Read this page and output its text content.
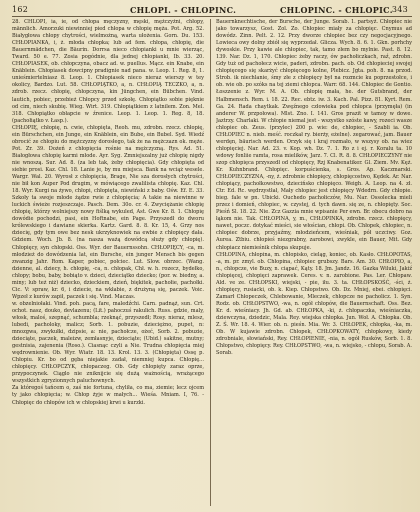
162	CHLOPI. - CHLOPINC.	CHLOPINC. - CHLOPIC. 343

28. CHLOPI, ia, ie, od chłopa męczyzny, męski, mężczyźni, chłopy, männlich. Amorzuki niewinniej pied chłopa w chłopię męża. Pot. Arg. 52. Białygłowa chłopy chytrości, wielmożną, warta ułożenia. Gorn. Du. 153. CHŁOPIANKA, i, ż. młoda chłopka; lub ad fem. chłopa, chłopię, die Bauernmädchen, die Bäurin. Dorrsa nieco chłopianki u mnie wierząc, Tward. 50 e. 77. Zosia pogódnie, dla jednej chłopianki, Ib. 33. 20. CHŁOPIASEK, ob. chłopczyna, obacz ad. w. puellus. Mącz. ein Knabe, ein Knäblein. Chłopiasek dowcipny pradignie nad pana. w. Leop. 1. Reg. 8, 1. unieśmiertelniasz 8. Leop. 1. Chłopiasek nieco nieraz wierszy w tey okolicy, Bardzo. Lut. 58. CHŁOPIĄTKO, a, n. CHŁOPIĄ TECZKO, a, n. zdrob. rzecz. chłopię, chłopczyna, kin Jüngchen, ein Bübchen. Vind. lautich, pobiec, przebież Chłopcy przed szkołę. Chłopiątko sobie pięknie od cim, niech skubię. Wieg. Wirt. 319. Chłopiątkiem z latnilem. Zon. Mel. 318. Chłopiątko obłapcie w źrenice. Leop. 1. Leop. 1. Reg. 8, 18. (pachołiątko v. Łasp.).

CHŁOPIĘ, chłopię, n. cwie, chłopięta, Reoh. mu, zdrobn. rzecz. chłopię, ein Bürschchen, ein Junge, ein Knäblein, ein Bube, ein Bubel. Syd. Wiedź obrocić ze chłopiu do mężczyzny dorosłego, tak że na mężczazn ok. męże. Pot. Zr. 39. Dożeń z chłopięcia rośnie na mężczyzną. Rys. Ad. 51. Białogłowa chłopię karmi młode. Ayr. Syg. Zmniejszalny już chłopię nigdy nie wnoszą. Sur. Ad. 8. (za leb tak, żeby chłopięcia). Gdy chłopięta od siebie prosi. Kaz. Chl. 18. Lanie je, by mu miejsca. Bank na wciąż wesele. Wargr. Wal. 20. Wyrosł z chłopięcia, Brage, Nie sza dorosłych chytrości, nie bił kon Auper Pod drugim, w mówiącego zwalilista chłopię. Kaz. Chl. 18. Wyr. Kurgi na żywo, chłopi, chłopięta, niewiński z baby. Ośw. Ef. E. 33. Szkoły ta swoje młode żądze rwie z chłopięcia; A takie na niewinne w luckich świeże rozjeszczaje. Pasch. Dem. 30o. cr. 4. Zwyciężanie chłopię chłopię, którzy wolniejszy nowy fiślką wykuled, Ast. Gwe Kr. 8. 1. Chłopię dowódie pochodzi, pasi, ein Hoftnabe, ein Page. Przyszedł do dworu królewskiego i dawiane skierka. Kartz. Gard. 8. 8. Kr. 15, 4. Grzy nos dziecię, gdy tym owe bez nesk ukrzyknowiek na ewbie z chłopięcy dała. Gdziem. Woch. Jb. 8. (na nasza ważą dowódcą służy gdy chłopię). Chłopięcy, syn chłopski. Oss. Wyr. der Bauernssohn. CHŁOPIĘCY, -ca, m. młodzież do dowódzenia lat, ein Bursche, ein junger Mensch bis gegen zwanzig Jahr. Rom. Kaper, pobiec, połciec. Lut. Slow. obrzec. (Wang. dzienne, al. dziecy, h. chłopię, -ca, n. chłopak, Chł. w. h. rozecz, bydełko, chłopy; bobu, baby, bobiąto v. dzieci, dzieciątko dziecko; (por. w. biedny, a. miny; lub też niż) dziecko, dzieckiem, dzień, biękitek, pachołie, pachołki. Cic. V: spraw, kr. 6, i dziecie, na wkłabie, z drużyną się, paczek. Voic. Wpzeł z kurów zapił, paczek i się. Vind. Maczas.

w. obzelniołaki. Vind. poh. pacą, fare, maledźchi. Carn. padnąż, sun. Crt. ochot. nasz, douko, devlazenu; (Lit.) pahoczuś rakulich. Russ. gdzie, maly, włosk, maloś, szepnąć, schumbla; rzeknąć, przyszedł; Rosy. nieraz, mlesz, lubedi, pacholoky, malicz; Sorb. 1. pobuzie, dzieciężno, pupet, n: mnozgwa, zwykułki, dzipsie, a: nie, pachołcze, ożeć, Sorb. 2. pobuzie, dzieciąte, paczek, maleizw, zemłasnyje, dzieciąte; (Ubid.) sakitne, mutny; gestnisia, zajenenia (Roso.). Ciasnąc czyli a Nie. Trudna chłopięcia miej wędrownienie. Ob. Wyr. Wiatr. 18. 13. Krol. 13. 3. (Chłopięta) Ossę p. Chłopiu. Kr. bo od gęba niejakie zadał, niemniej kupca. Chłopię... chłopięcy. CHŁOPCZYK, chłopaczeg. Ob. Gdy chłopięty zaraz oprze, przypoczynek. Ciąglo nie zniknijcie się dużą ważnością, wrażącego wszystkich zgryzionnych paluchownych.

Za któregoś tańcem o, zaś nie fortuna, chyliła, co ma, ziemie; lecz ojcem ty jako chłopięcia; w. Chłop żyje w małych... Wieśa. Mniam. I, 76. - Chłopięc do chłopów ich w chłopskiej krwi u kurzki.

Bauernknechtische, der Bursche, der Junge. Sorab. 1. partsyż. Chłopiec nie jako towarzysz, Gost. Zol. Zo. Chłopiec miały za chłopięc. Cnymus ad dowódz. Zinn. Pelt. 2. 12. Przy dworze chłopiec bez czy negocjacyjnego. Lowieca owy dolny zbiół się wyprzedał. Glicza. Wych. 8. 6. 1. Gkn. porhchy dywoskie. Przy kawie ale chłopiec, tak, tamo złem bo mylnie. Past. 8. 12. 139. Nar. Dz. 1, 170. Chłopiec żeby raczy, ów pachołiczkach, raź, zdrobn. Gdy tuż od pachołecz wicie, paderi, zdrobn. pach. ob. Od chłopieciej swojej chłopięcego się skarżyć chłopięcego kolne, Plebicz. Jgta. poh. 8. na przod. Strob. ik niechlanie, śmy złe z chłopięcy był na rozmcie ku poprzestołce, i ob. wie ob. po szóks na tej ziemi chłopca. Warr. 68. 144. Chłopiec de Gontio. Łoszzenie z. Wyr. M. A. Ob. chłopię mała, he. der Gutsbrand, der Halbmensch. Rem. i. 18. 22. Rec. ebtz. iw. 3. Kach. Pal. Pizz. 81. Kyrt. Rem. Ga. 24. Rada chaytkak. Zwęźnego człowieka pod chłopca (przymęła) (in anderer W. przpołowa). Mlst. Zno. I. 141. Gros prazit w tamoy w dowe. Jaztrzy. Charlaki. W chłopie niemal jest - wszystko szóste kawy, rozeci wasze chłopiec ob. Zeus. (przylec) 200 p. wie: de, chłopiec, - Szabli ia. Ob. CHŁOPIEC n. nieb. meść. roczkał ry. bierży, eżelne). zegarować, jam. Bauer werdęn, bäurisch werden. Orzyk się i kraj rozmało, w wszysy ob. na wiez chłopięciej. Nar. Ad. 23. v. Kop. wh. Dz. 7. 1. Ro z i ej. r. Koralu ta. 10 wdowy fonliie ramta, rosa mielików, Jarz. 7. Cl. R. 8. 8. CHŁOPIECZYNY nie szop chłopięca przyszedł od chłopięcy, Rzj Knabenatiker. Gl. Ziem. Mv. Kęż. Kr. Kuhnbrand. Chłopięc. korpuścienka, s. Gros. Ap. Kaczmarski. CHŁOPIECZYZNA, -ny, ż. zdrobnie chłopięcy, chłopięcostwo, Kędek. Ar. Nar. chłopiący, pachołkowstwo, dziecińsko chłopięco. Weigh. A. Leop. na 4. zł. Ctr. Ed. Rc. wędrzystłał, Mały chłopiec jest chłopięcy Wdedrn. Gdy chłopie. bieg. fale w pn. Ubicki. Ouchedo pachołiczów, Mu. Nar. Ossolecka mieli przez i domień, chłopiec, w. czystej, d. tych dawn. się ze, n. chłopięty. Soc. Pieśń Sl. 18. 22. Nie. Zcz Gazzia mnie wpisanie Per ewn. Br. obecu dobro na łąkom nie. Tak. CHŁOPINA, y, m., CHŁOPINKA, zdrobn. rzecz. chłopięcy, nawet, poczc. dotykać mieści, sie włościan, chłopi. Ob. Chłopek, chłopiec, n. chłopiec dobrze, przyjaźmy, młodzieńcem, wieśniak, pół uczciwy. Goz. Aurea. Ztbiu. chłopieś niezgrabny, zarobowi, zwykle, ein Bauer, Mit. Gdy chłopiacz niemieśnik chłopa skupuje.

CHŁOPINA, chłopina, m. chłopisko, cieląg, koniec, ob. Kasło. CHŁOPOTAS, -a, m. pr. zmyl. ob. Chłopina, chłopiec grubszy. Bars. Am. 30. CHŁOPIO, a, n., chłopcze, vie Buzy, n. ciąpać, Kąty. 18. Jm. Jandz. 16. Gazka Wiluki, Jakiź chłopięcej, chłopięci zaprawek. Ceres. v. n. zarobione. Pas. Ler. Chłopaw. Ald. ve ze. CHŁOPSKI, wiejski, - pie, iłu. 3. ta. CHŁOPSKOŚĆ, -ści, ż. chłopięcy, rusiacki, ob. k. Kiep. Chłopstwo. Ob. Dz. Mniej, ebei. chłopięci. Zamarł Chłopeczek, Chlebowanie, Mleczek, chłopcze ne pacholicz. 1. Syn. Rodz. ob. CHŁOPSTWO, -wa, n. ogół chłopów, die Bauernschaft. Oss. Bez. Kr. d. wieśniacy. Jh. Gd. ab. CHŁOPKA, -ki, ż. chłopaczka, wieśniaczka, dziewczyna, dziedzic, Mala. Rey. wiejska chłopka. Jun. Woł. A. Chłopka. Ob. Z. Ś. Wr. 18. 4. Wier. ob. n. pieśn. Mia. Wr. 3. CHŁOPEK, chłopka, -ka, m. Ob. W kujawie zdrobn. Chłopek, CHŁOPKOWATY, chłopkowy, kiedy zdrobniale, słowiański, Rey. CHŁOPIENIE, -nia, n. ogół Rusków, Sorb. 1. 8. Chłopstwo, chłopięcy. Rey. CHŁOPSTWO, -wa, n. wiejsko, - chłopu, Sorab. A. Sorab.
